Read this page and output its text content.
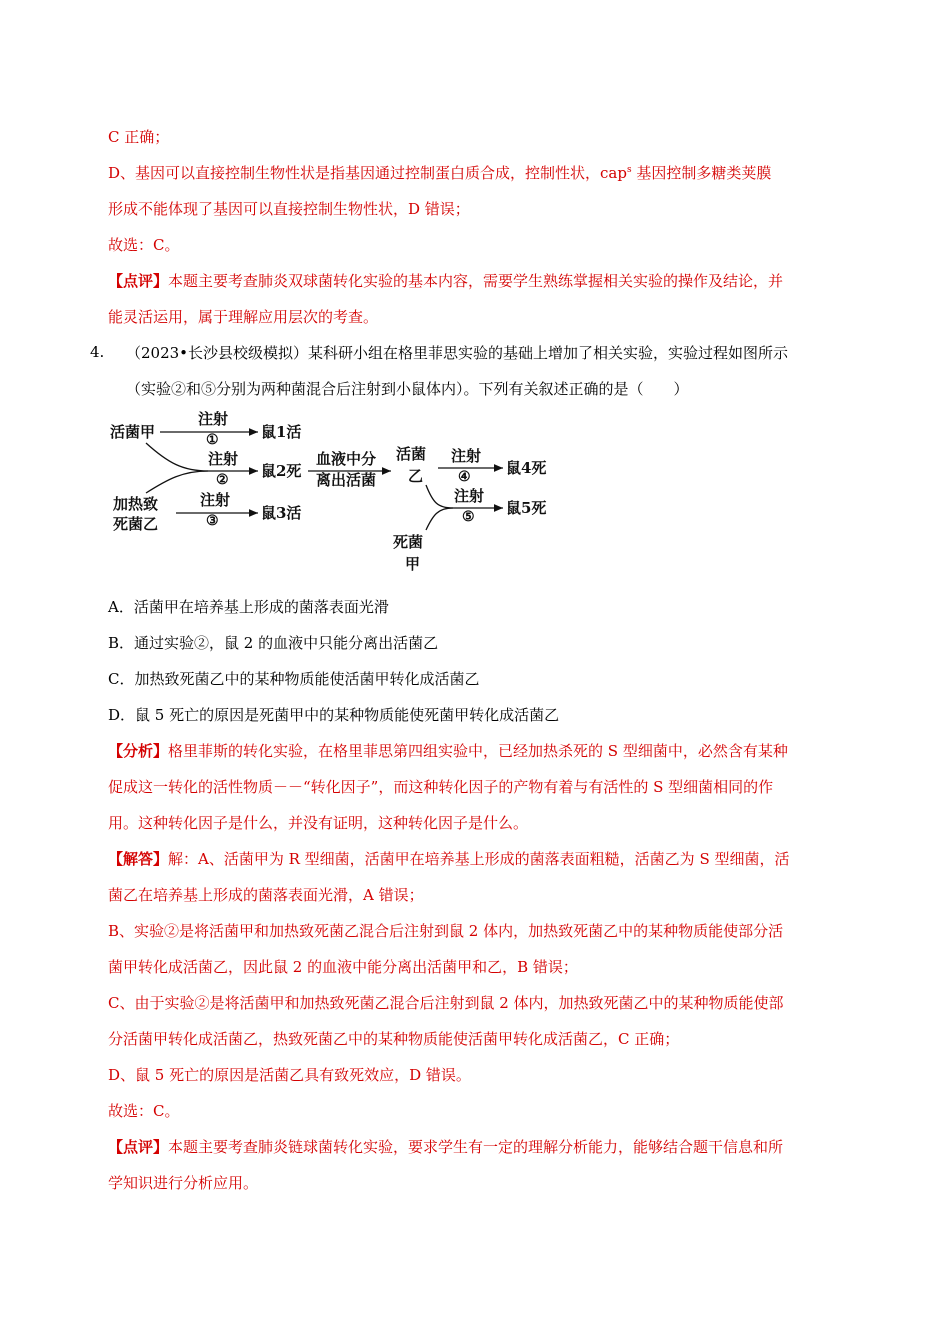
C 正确；
D、基因可以直接控制生物性状是指基因通过控制蛋白质合成，控制性状，cap$^s$ 基因控制多糖类荚膜
形成不能体现了基因可以直接控制生物性状，D 错误；
故选：C。
【点评】本题主要考查肺炎双球菌转化实验的基本内容，需要学生熟练掌握相关实验的操作及结论，并
能灵活运用，属于理解应用层次的考查。
4. （2023•长沙县校级模拟）某科研小组在格里菲思实验的基础上增加了相关实验，实验过程如图所示
（实验②和⑤分别为两种菌混合后注射到小鼠体内）。下列有关叙述正确的是（　　）
活菌甲
注射
①	鼠1活
注射
② 鼠2死
加热致
死菌乙
注射
③	鼠3活
血液中分
离出活菌
活菌
乙
注射
④ 鼠4死
注射
⑤ 鼠5死
死菌
甲
A．活菌甲在培养基上形成的菌落表面光滑
B．通过实验②，鼠 2 的血液中只能分离出活菌乙
C．加热致死菌乙中的某种物质能使活菌甲转化成活菌乙
D．鼠 5 死亡的原因是死菌甲中的某种物质能使死菌甲转化成活菌乙
【分析】格里菲斯的转化实验，在格里菲思第四组实验中，已经加热杀死的 S 型细菌中，必然含有某种
促成这一转化的活性物质－－“转化因子”，而这种转化因子的产物有着与有活性的 S 型细菌相同的作
用。这种转化因子是什么，并没有证明，这种转化因子是什么。
【解答】解：A、活菌甲为 R 型细菌，活菌甲在培养基上形成的菌落表面粗糙，活菌乙为 S 型细菌，活
菌乙在培养基上形成的菌落表面光滑，A 错误；
B、实验②是将活菌甲和加热致死菌乙混合后注射到鼠 2 体内，加热致死菌乙中的某种物质能使部分活
菌甲转化成活菌乙，因此鼠 2 的血液中能分离出活菌甲和乙，B 错误；
C、由于实验②是将活菌甲和加热致死菌乙混合后注射到鼠 2 体内，加热致死菌乙中的某种物质能使部
分活菌甲转化成活菌乙，热致死菌乙中的某种物质能使活菌甲转化成活菌乙，C 正确；
D、鼠 5 死亡的原因是活菌乙具有致死效应，D 错误。
故选：C。
【点评】本题主要考查肺炎链球菌转化实验，要求学生有一定的理解分析能力，能够结合题干信息和所
学知识进行分析应用。
